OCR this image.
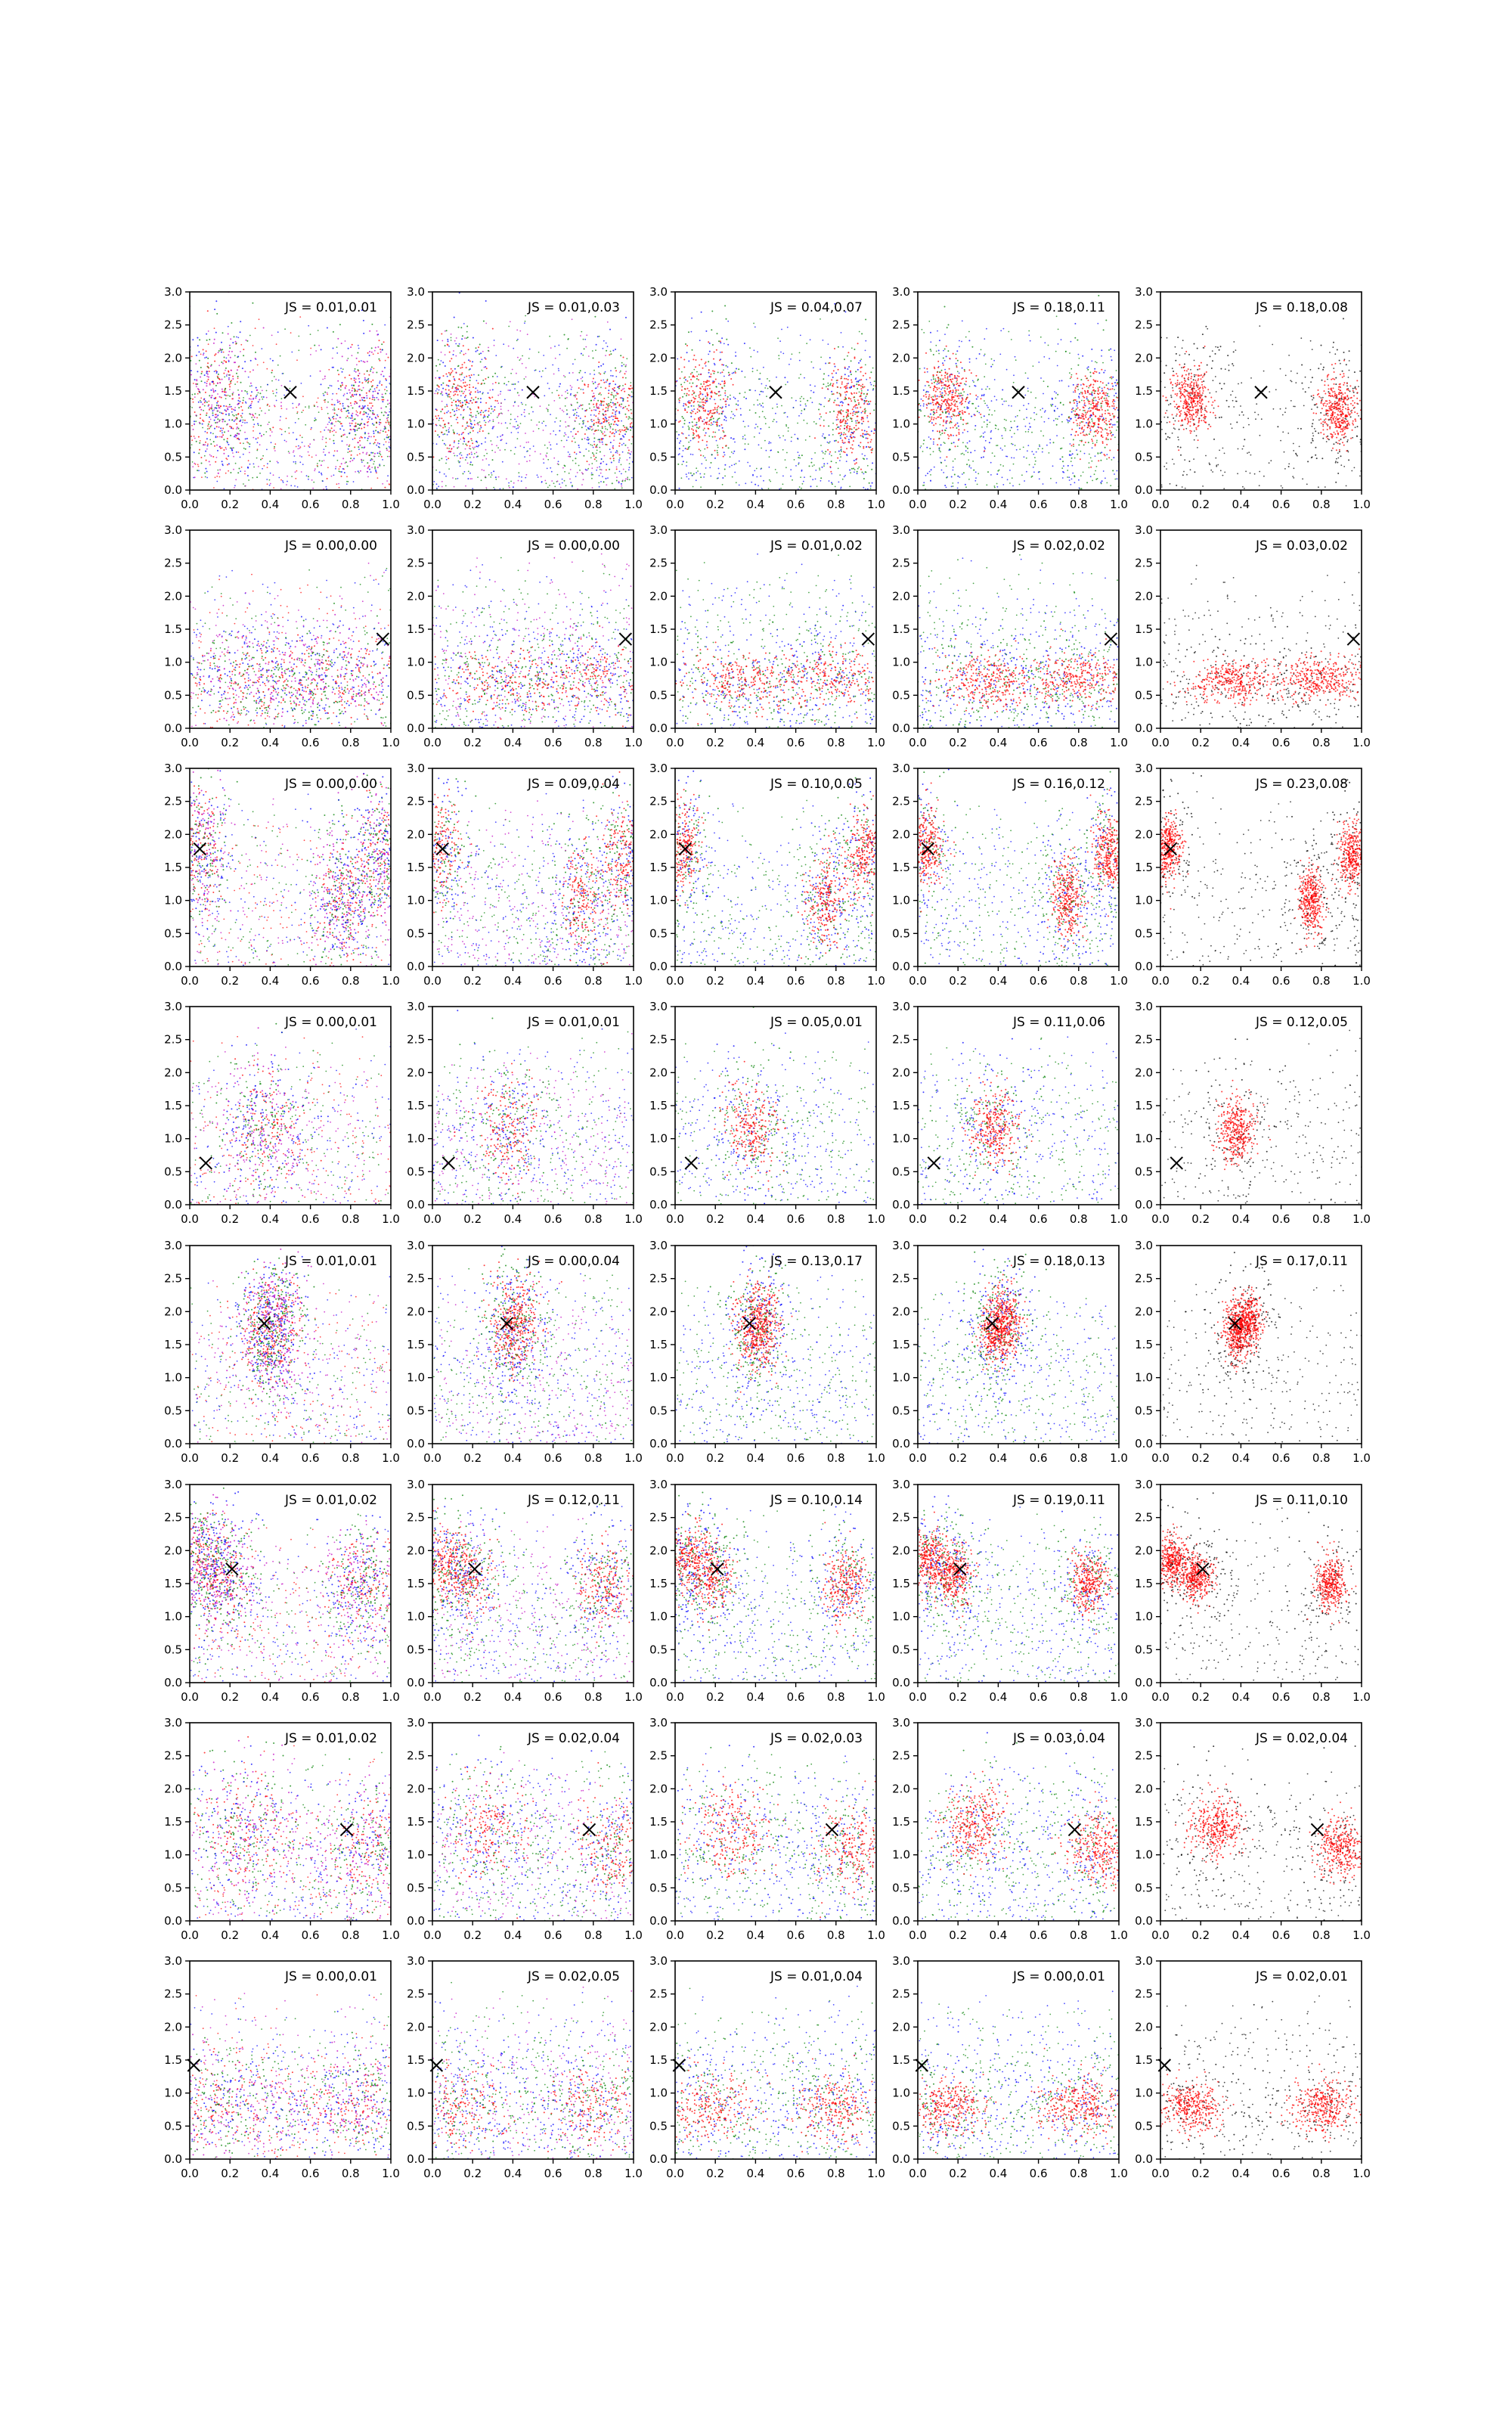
0.0 0.2 0.4 0.6 0.8 1.0
0.0
0.5
1.0
1.5
2.0
2.5
3.0
JS = 0.01,0.01
0.0 0.2 0.4 0.6 0.8 1.0
0.0
0.5
1.0
1.5
2.0
2.5
3.0
JS = 0.01,0.03
0.0 0.2 0.4 0.6 0.8 1.0
0.0
0.5
1.0
1.5
2.0
2.5
3.0
JS = 0.04,0.07
0.0 0.2 0.4 0.6 0.8 1.0
0.0
0.5
1.0
1.5
2.0
2.5
3.0
JS = 0.18,0.11
0.0 0.2 0.4 0.6 0.8 1.0
0.0
0.5
1.0
1.5
2.0
2.5
3.0
JS = 0.18,0.08
0.0 0.2 0.4 0.6 0.8 1.0
0.0
0.5
1.0
1.5
2.0
2.5
3.0
JS = 0.00,0.00
0.0 0.2 0.4 0.6 0.8 1.0
0.0
0.5
1.0
1.5
2.0
2.5
3.0
JS = 0.00,0.00
0.0 0.2 0.4 0.6 0.8 1.0
0.0
0.5
1.0
1.5
2.0
2.5
3.0
JS = 0.01,0.02
0.0 0.2 0.4 0.6 0.8 1.0
0.0
0.5
1.0
1.5
2.0
2.5
3.0
JS = 0.02,0.02
0.0 0.2 0.4 0.6 0.8 1.0
0.0
0.5
1.0
1.5
2.0
2.5
3.0
JS = 0.03,0.02
0.0 0.2 0.4 0.6 0.8 1.0
0.0
0.5
1.0
1.5
2.0
2.5
3.0
JS = 0.00,0.00
0.0 0.2 0.4 0.6 0.8 1.0
0.0
0.5
1.0
1.5
2.0
2.5
3.0
JS = 0.09,0.04
0.0 0.2 0.4 0.6 0.8 1.0
0.0
0.5
1.0
1.5
2.0
2.5
3.0
JS = 0.10,0.05
0.0 0.2 0.4 0.6 0.8 1.0
0.0
0.5
1.0
1.5
2.0
2.5
3.0
JS = 0.16,0.12
0.0 0.2 0.4 0.6 0.8 1.0
0.0
0.5
1.0
1.5
2.0
2.5
3.0
JS = 0.23,0.08
0.0 0.2 0.4 0.6 0.8 1.0
0.0
0.5
1.0
1.5
2.0
2.5
3.0
JS = 0.00,0.01
0.0 0.2 0.4 0.6 0.8 1.0
0.0
0.5
1.0
1.5
2.0
2.5
3.0
JS = 0.01,0.01
0.0 0.2 0.4 0.6 0.8 1.0
0.0
0.5
1.0
1.5
2.0
2.5
3.0
JS = 0.05,0.01
0.0 0.2 0.4 0.6 0.8 1.0
0.0
0.5
1.0
1.5
2.0
2.5
3.0
JS = 0.11,0.06
0.0 0.2 0.4 0.6 0.8 1.0
0.0
0.5
1.0
1.5
2.0
2.5
3.0
JS = 0.12,0.05
0.0 0.2 0.4 0.6 0.8 1.0
0.0
0.5
1.0
1.5
2.0
2.5
3.0
JS = 0.01,0.01
0.0 0.2 0.4 0.6 0.8 1.0
0.0
0.5
1.0
1.5
2.0
2.5
3.0
JS = 0.00,0.04
0.0 0.2 0.4 0.6 0.8 1.0
0.0
0.5
1.0
1.5
2.0
2.5
3.0
JS = 0.13,0.17
0.0 0.2 0.4 0.6 0.8 1.0
0.0
0.5
1.0
1.5
2.0
2.5
3.0
JS = 0.18,0.13
0.0 0.2 0.4 0.6 0.8 1.0
0.0
0.5
1.0
1.5
2.0
2.5
3.0
JS = 0.17,0.11
0.0 0.2 0.4 0.6 0.8 1.0
0.0
0.5
1.0
1.5
2.0
2.5
3.0
JS = 0.01,0.02
0.0 0.2 0.4 0.6 0.8 1.0
0.0
0.5
1.0
1.5
2.0
2.5
3.0
JS = 0.12,0.11
0.0 0.2 0.4 0.6 0.8 1.0
0.0
0.5
1.0
1.5
2.0
2.5
3.0
JS = 0.10,0.14
0.0 0.2 0.4 0.6 0.8 1.0
0.0
0.5
1.0
1.5
2.0
2.5
3.0
JS = 0.19,0.11
0.0 0.2 0.4 0.6 0.8 1.0
0.0
0.5
1.0
1.5
2.0
2.5
3.0
JS = 0.11,0.10
0.0 0.2 0.4 0.6 0.8 1.0
0.0
0.5
1.0
1.5
2.0
2.5
3.0
JS = 0.01,0.02
0.0 0.2 0.4 0.6 0.8 1.0
0.0
0.5
1.0
1.5
2.0
2.5
3.0
JS = 0.02,0.04
0.0 0.2 0.4 0.6 0.8 1.0
0.0
0.5
1.0
1.5
2.0
2.5
3.0
JS = 0.02,0.03
0.0 0.2 0.4 0.6 0.8 1.0
0.0
0.5
1.0
1.5
2.0
2.5
3.0
JS = 0.03,0.04
0.0 0.2 0.4 0.6 0.8 1.0
0.0
0.5
1.0
1.5
2.0
2.5
3.0
JS = 0.02,0.04
0.0 0.2 0.4 0.6 0.8 1.0
0.0
0.5
1.0
1.5
2.0
2.5
3.0
JS = 0.00,0.01
0.0 0.2 0.4 0.6 0.8 1.0
0.0
0.5
1.0
1.5
2.0
2.5
3.0
JS = 0.02,0.05
0.0 0.2 0.4 0.6 0.8 1.0
0.0
0.5
1.0
1.5
2.0
2.5
3.0
JS = 0.01,0.04
0.0 0.2 0.4 0.6 0.8 1.0
0.0
0.5
1.0
1.5
2.0
2.5
3.0
JS = 0.00,0.01
0.0 0.2 0.4 0.6 0.8 1.0
0.0
0.5
1.0
1.5
2.0
2.5
3.0
JS = 0.02,0.01
